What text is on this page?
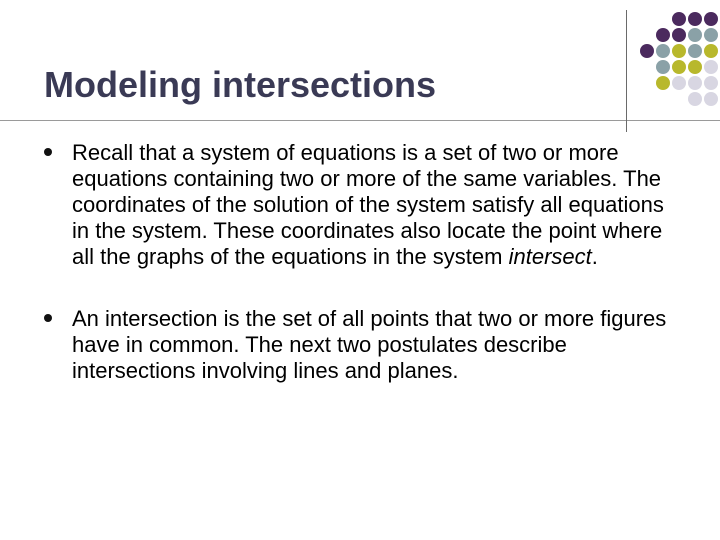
Modeling intersections
Recall that a system of equations is a set of two or more equations containing two or more of the same variables. The coordinates of the solution of the system satisfy all equations in the system. These coordinates also locate the point where all the graphs of the equations in the system intersect.
An intersection is the set of all points that two or more figures have in common. The next two postulates describe intersections involving lines and planes.
